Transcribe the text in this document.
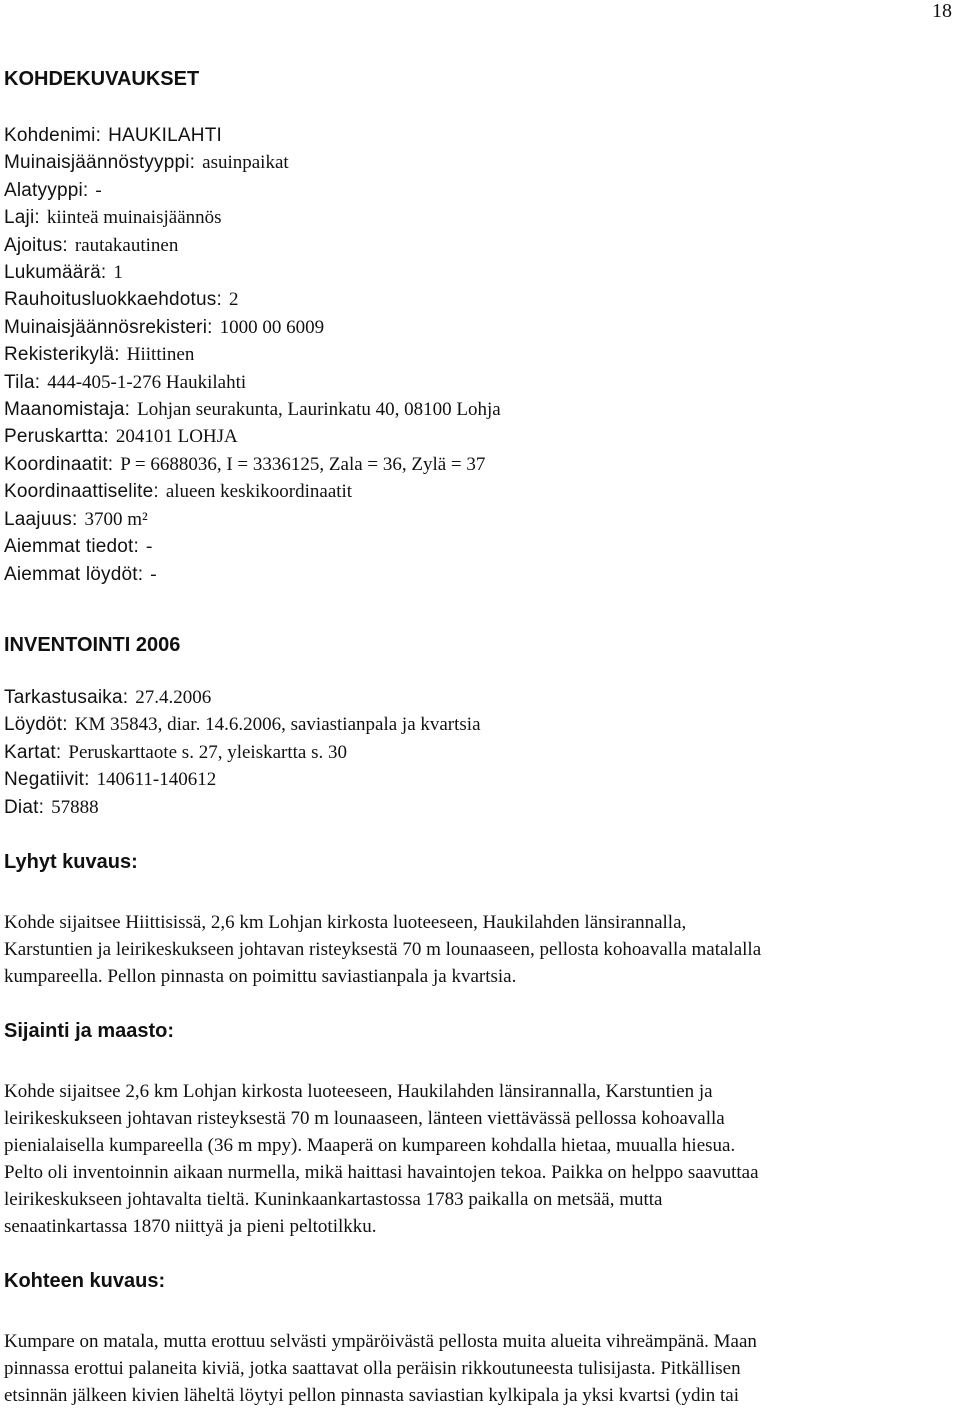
18
KOHDEKUVAUKSET
Kohdenimi: HAUKILAHTI
Muinaisjäännöstyyppi: asuinpaikat
Alatyyppi: -
Laji: kiinteä muinaisjäännös
Ajoitus: rautakautinen
Lukumäärä: 1
Rauhoitusluokkaehdotus: 2
Muinaisjäännösrekisteri: 1000 00 6009
Rekisterikylä: Hiittinen
Tila: 444-405-1-276 Haukilahti
Maanomistaja: Lohjan seurakunta, Laurinkatu 40, 08100 Lohja
Peruskartta: 204101 LOHJA
Koordinaatit: P = 6688036, I = 3336125, Zala = 36, Zylä = 37
Koordinaattiselite: alueen keskikoordinaatit
Laajuus: 3700 m²
Aiemmat tiedot: -
Aiemmat löydöt: -
INVENTOINTI 2006
Tarkastusaika: 27.4.2006
Löydöt: KM 35843, diar. 14.6.2006, saviastianpala ja kvartsia
Kartat: Peruskarttaote s. 27, yleiskartta s. 30
Negatiivit: 140611-140612
Diat: 57888
Lyhyt kuvaus:

Kohde sijaitsee Hiittisissä, 2,6 km Lohjan kirkosta luoteeseen, Haukilahden länsirannalla,

Karstuntien ja leirikeskukseen johtavan risteyksestä 70 m lounaaseen, pellosta kohoavalla matalalla

kumpareella. Pellon pinnasta on poimittu saviastianpala ja kvartsia.

Sijainti ja maasto:

Kohde sijaitsee 2,6 km Lohjan kirkosta luoteeseen, Haukilahden länsirannalla, Karstuntien ja

leirikeskukseen johtavan risteyksestä 70 m lounaaseen, länteen viettävässä pellossa kohoavalla

pienialaisella kumpareella (36 m mpy). Maaperä on kumpareen kohdalla hietaa, muualla hiesua.

Pelto oli inventoinnin aikaan nurmella, mikä haittasi havaintojen tekoa. Paikka on helppo saavuttaa

leirikeskukseen johtavalta tieltä. Kuninkaankartastossa 1783 paikalla on metsää, mutta

senaatinkartassa 1870 niittyä ja pieni peltotilkku.

Kohteen kuvaus:

Kumpare on matala, mutta erottuu selvästi ympäröivästä pellosta muita alueita vihreämpänä. Maan

pinnassa erottui palaneita kiviä, jotka saattavat olla peräisin rikkoutuneesta tulisijasta. Pitkällisen

etsinnän jälkeen kivien läheltä löytyi pellon pinnasta saviastian kylkipala ja yksi kvartsi (ydin tai
